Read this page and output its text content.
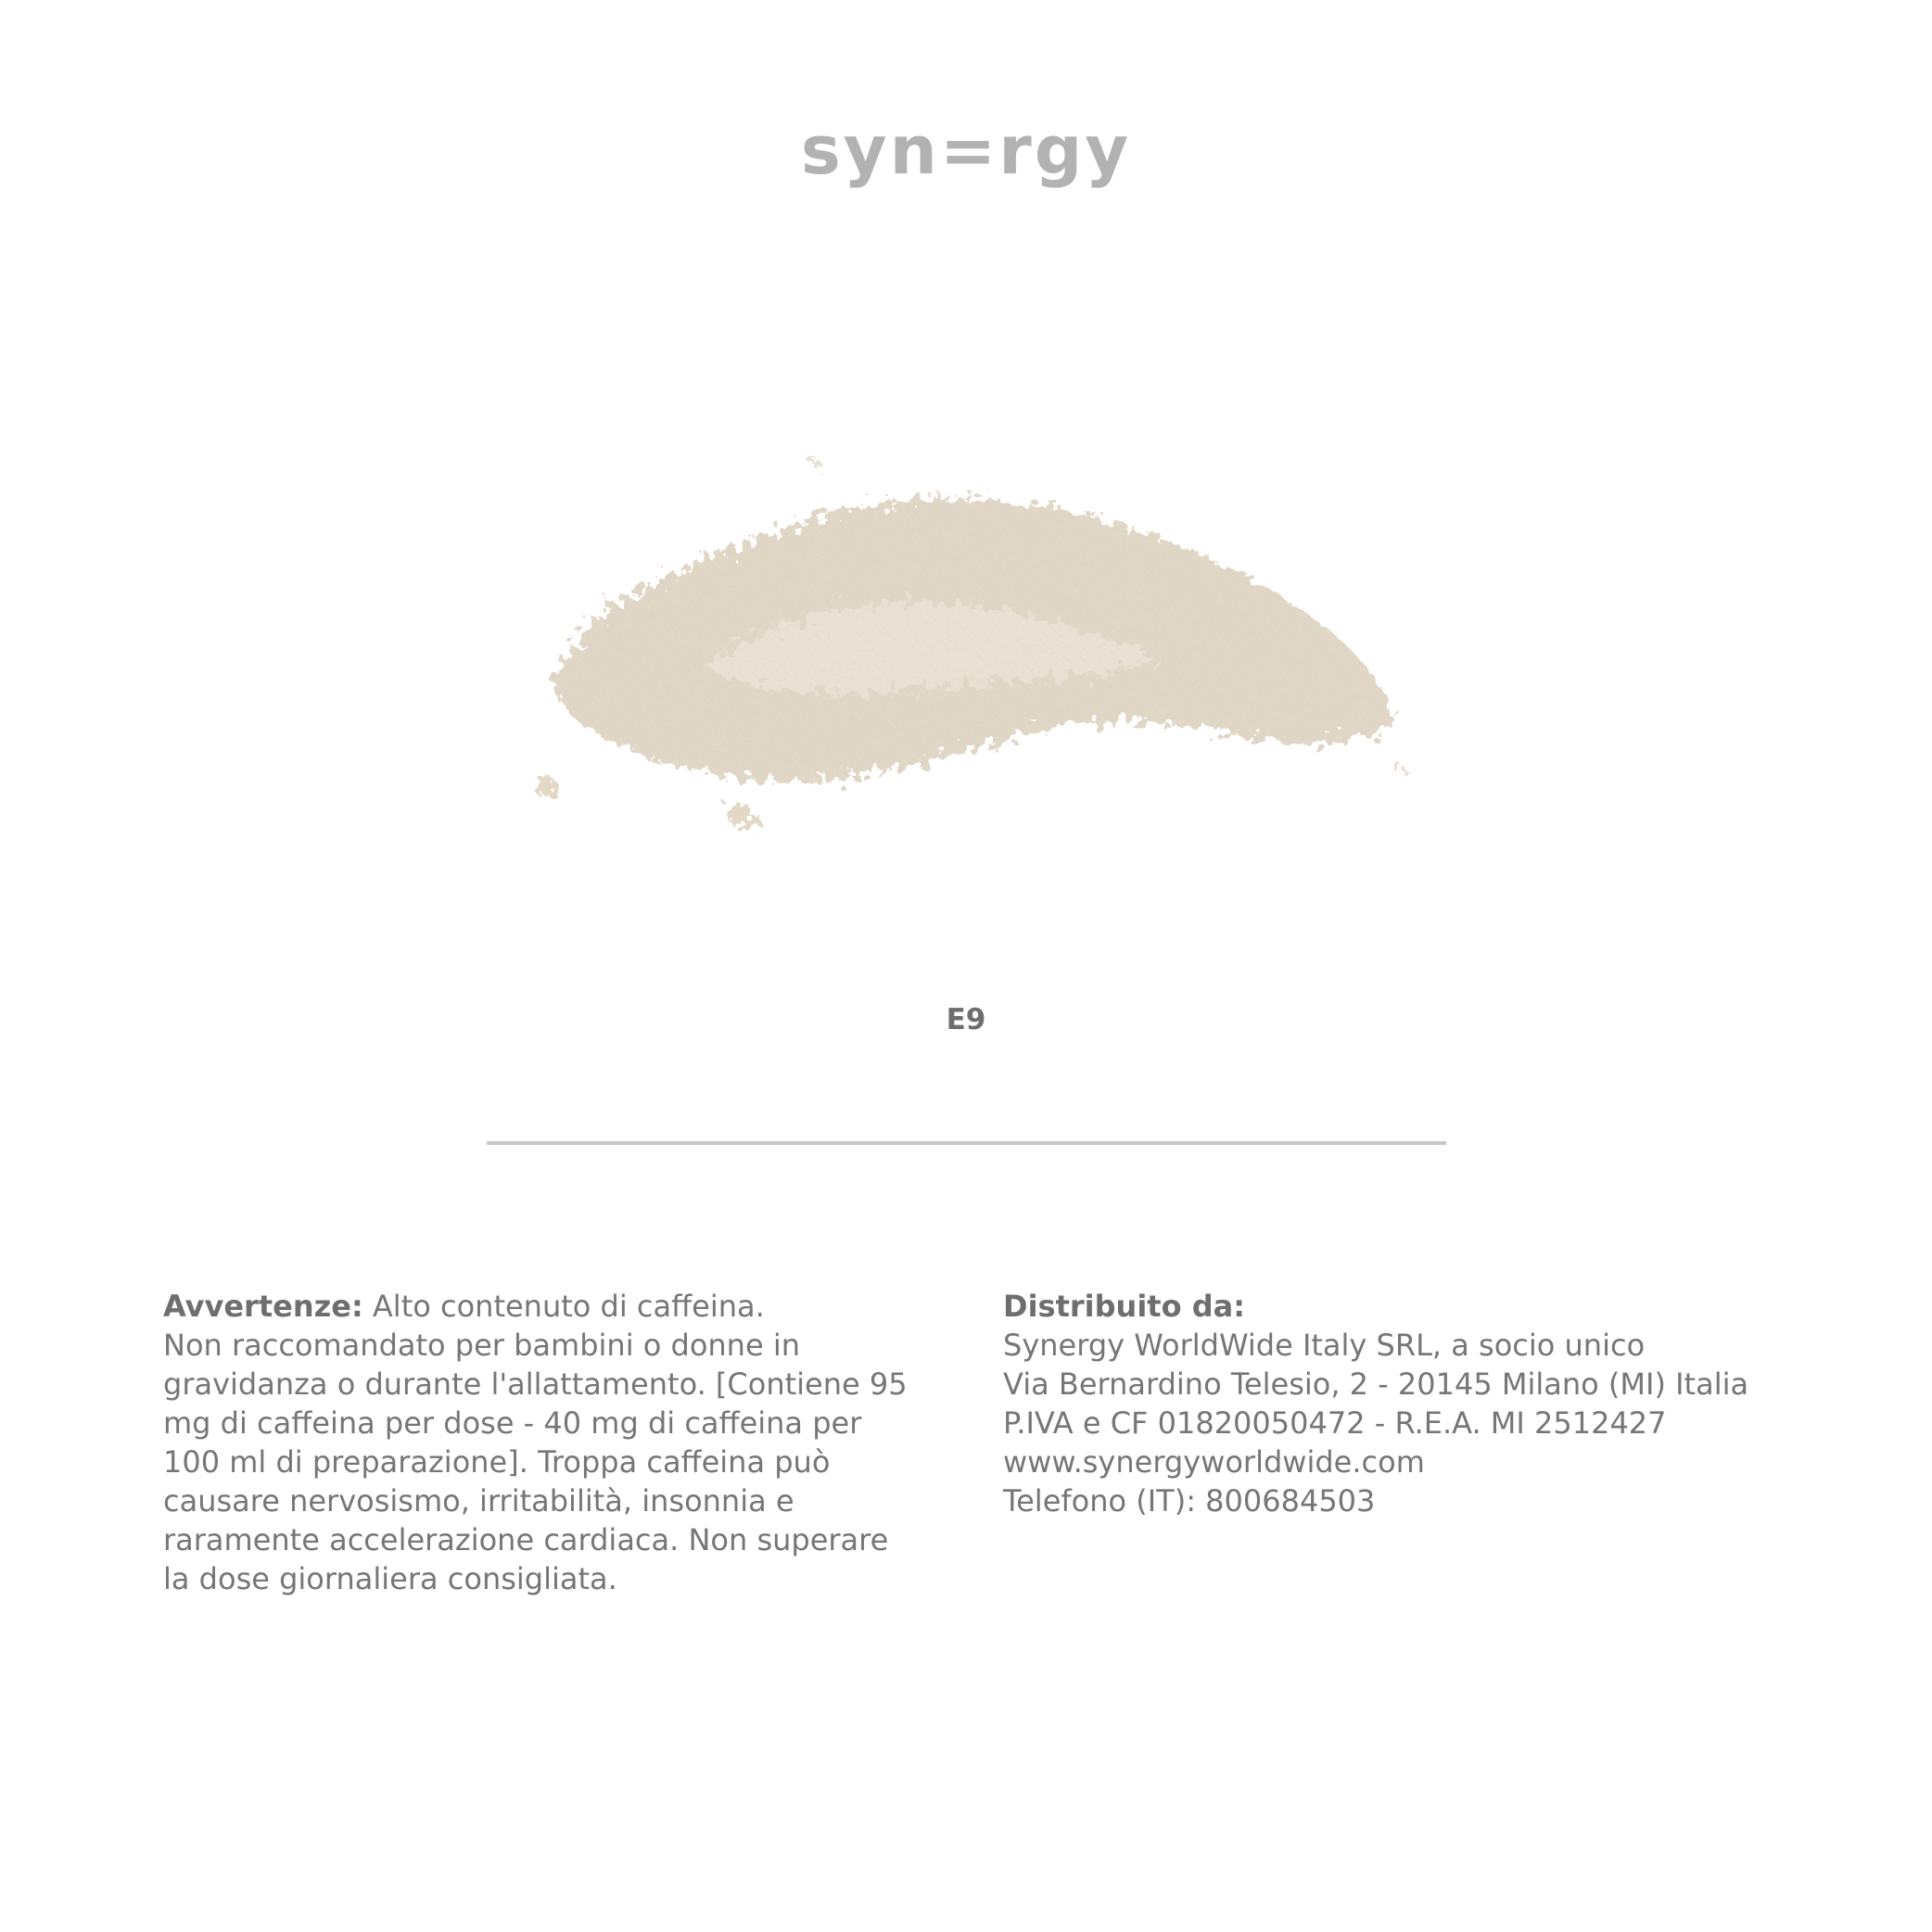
syn=rgy
E9

Avvertenze: Alto contenuto di caffeina.

Non raccomandato per bambini o donne in gravidanza o durante l'allattamento. [Contiene 95 mg di caffeina per dose - 40 mg di caffeina per 100 ml di preparazione]. Troppa caffeina può causare nervosismo, irritabilità, insonnia e raramente accelerazione cardiaca. Non superare la dose giornaliera consigliata.

Distribuito da:

Synergy WorldWide Italy SRL, a socio unico

Via Bernardino Telesio, 2 - 20145 Milano (MI) Italia

P.IVA e CF 01820050472 - R.E.A. MI 2512427

www.synergyworldwide.com

Telefono (IT): 800684503
